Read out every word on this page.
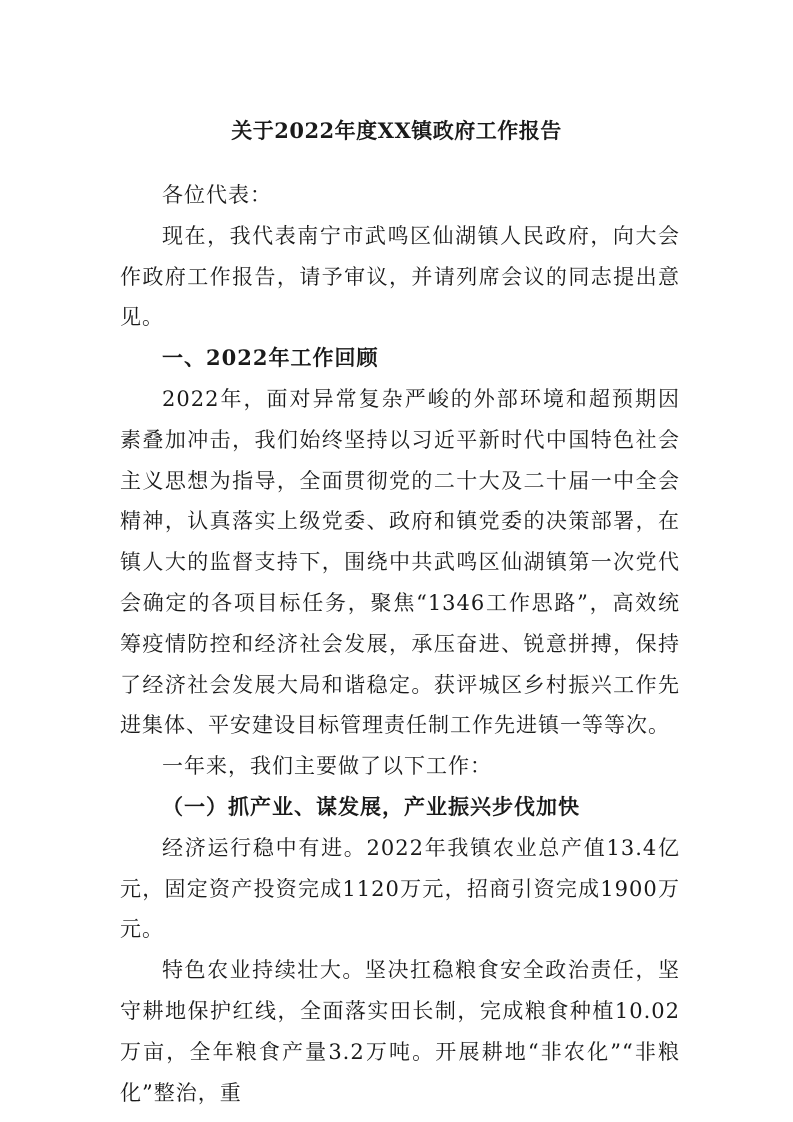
关于2022年度XX镇政府工作报告

各位代表：

现在，我代表南宁市武鸣区仙湖镇人民政府，向大会作政府工作报告，请予审议，并请列席会议的同志提出意见。

一、2022年工作回顾

2022年，面对异常复杂严峻的外部环境和超预期因素叠加冲击，我们始终坚持以习近平新时代中国特色社会主义思想为指导，全面贯彻党的二十大及二十届一中全会精神，认真落实上级党委、政府和镇党委的决策部署，在镇人大的监督支持下，围绕中共武鸣区仙湖镇第一次党代会确定的各项目标任务，聚焦“1346工作思路”，高效统筹疫情防控和经济社会发展，承压奋进、锐意拼搏，保持了经济社会发展大局和谐稳定。获评城区乡村振兴工作先进集体、平安建设目标管理责任制工作先进镇一等等次。

一年来，我们主要做了以下工作：

（一）抓产业、谋发展，产业振兴步伐加快

经济运行稳中有进。2022年我镇农业总产值13.4亿元，固定资产投资完成1120万元，招商引资完成1900万元。

特色农业持续壮大。坚决扛稳粮食安全政治责任，坚守耕地保护红线，全面落实田长制，完成粮食种植10.02万亩，全年粮食产量3.2万吨。开展耕地“非农化”“非粮化”整治，重
